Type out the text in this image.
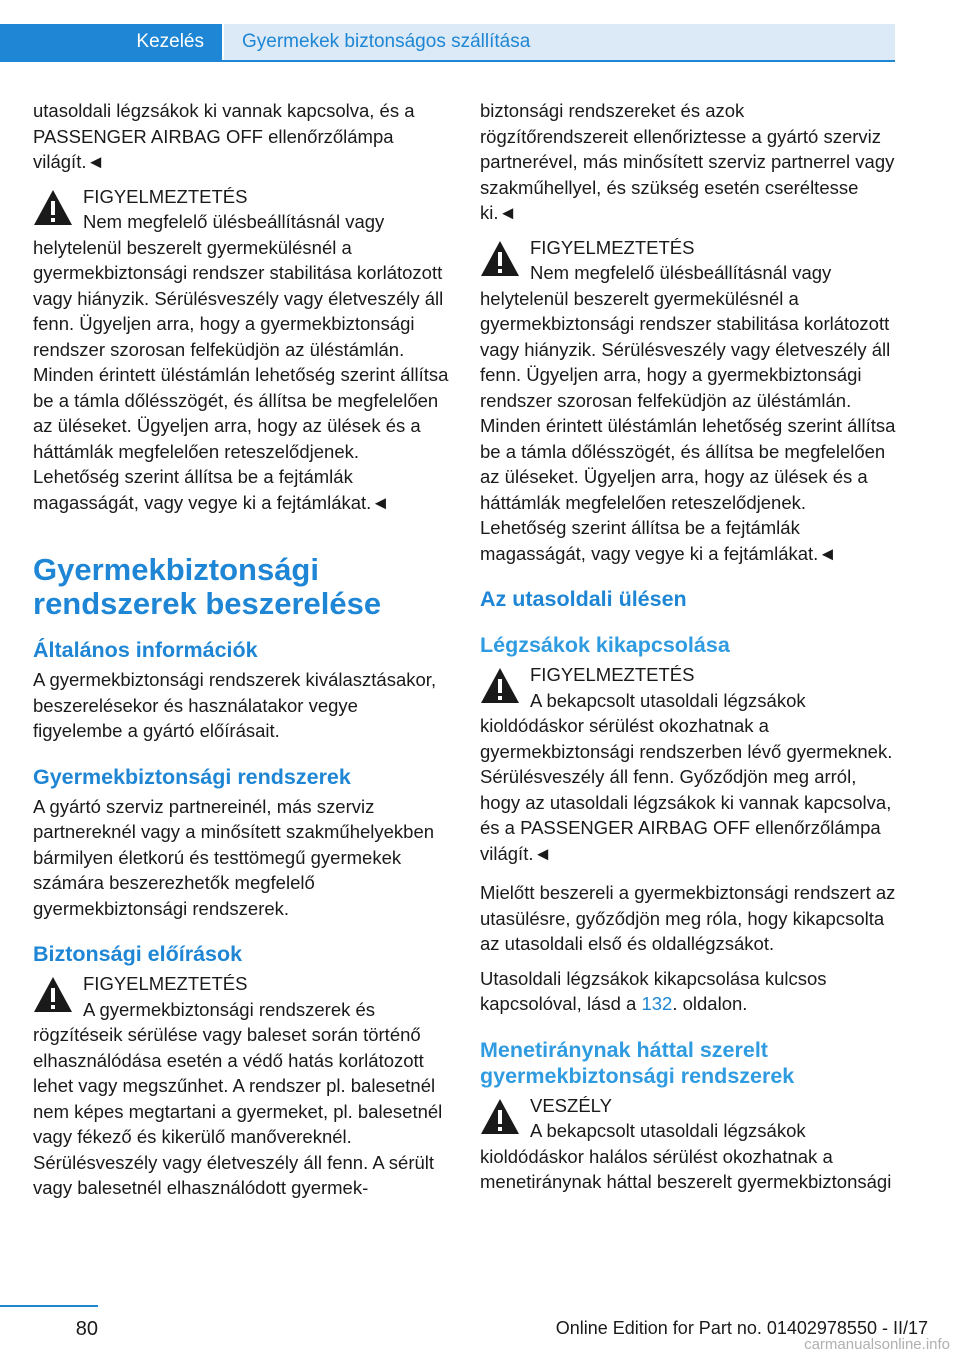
Kezelés	Gyermekek biztonságos szállítása

utasoldali légzsákok ki vannak kapcsolva, és a PASSENGER AIRBAG OFF ellenőrzőlámpa világít.◄

FIGYELMEZTETÉS
Nem megfelelő ülésbeállításnál vagy helytelenül beszerelt gyermekülésnél a gyermekbiztonsági rendszer stabilitása korlátozott vagy hiányzik. Sérülésveszély vagy életveszély áll fenn. Ügyeljen arra, hogy a gyermekbiztonsági rendszer szorosan felfeküdjön az üléstámlán. Minden érintett üléstámlán lehetőség szerint állítsa be a támla dőlésszögét, és állítsa be megfelelően az üléseket. Ügyeljen arra, hogy az ülések és a háttámlák megfelelően reteszelődjenek. Lehetőség szerint állítsa be a fejtámlák magasságát, vagy vegye ki a fejtámlákat.◄
Gyermekbiztonsági rendszerek beszerelése
Általános információk

A gyermekbiztonsági rendszerek kiválasztásakor, beszerelésekor és használatakor vegye figyelembe a gyártó előírásait.

Gyermekbiztonsági rendszerek

A gyártó szerviz partnereinél, más szerviz partnereknél vagy a minősített szakműhelyekben bármilyen életkorú és testtömegű gyermekek számára beszerezhetők megfelelő gyermekbiztonsági rendszerek.

Biztonsági előírások
FIGYELMEZTETÉS
A gyermekbiztonsági rendszerek és rögzítéseik sérülése vagy baleset során történő elhasználódása esetén a védő hatás korlátozott lehet vagy megszűnhet. A rendszer pl. balesetnél nem képes megtartani a gyermeket, pl. balesetnél vagy fékező és kikerülő manővereknél. Sérülésveszély vagy életveszély áll fenn. A sérült vagy balesetnél elhasználódott gyermek-

biztonsági rendszereket és azok rögzítőrendszereit ellenőriztesse a gyártó szerviz partnerével, más minősített szerviz partnerrel vagy szakműhellyel, és szükség esetén cseréltesse ki.◄

FIGYELMEZTETÉS
Nem megfelelő ülésbeállításnál vagy helytelenül beszerelt gyermekülésnél a gyermekbiztonsági rendszer stabilitása korlátozott vagy hiányzik. Sérülésveszély vagy életveszély áll fenn. Ügyeljen arra, hogy a gyermekbiztonsági rendszer szorosan felfeküdjön az üléstámlán. Minden érintett üléstámlán lehetőség szerint állítsa be a támla dőlésszögét, és állítsa be megfelelően az üléseket. Ügyeljen arra, hogy az ülések és a háttámlák megfelelően reteszelődjenek. Lehetőség szerint állítsa be a fejtámlák magasságát, vagy vegye ki a fejtámlákat.◄
Az utasoldali ülésen
Légzsákok kikapcsolása
FIGYELMEZTETÉS
A bekapcsolt utasoldali légzsákok kioldódáskor sérülést okozhatnak a gyermekbiztonsági rendszerben lévő gyermeknek. Sérülésveszély áll fenn. Győződjön meg arról, hogy az utasoldali légzsákok ki vannak kapcsolva, és a PASSENGER AIRBAG OFF ellenőrzőlámpa világít.◄

Mielőtt beszereli a gyermekbiztonsági rendszert az utasülésre, győződjön meg róla, hogy kikapcsolta az utasoldali első és oldallégzsákot.

Utasoldali légzsákok kikapcsolása kulcsos kapcsolóval, lásd a 132. oldalon.

Menetiránynak háttal szerelt gyermekbiztonsági rendszerek
VESZÉLY
A bekapcsolt utasoldali légzsákok kioldódáskor halálos sérülést okozhatnak a menetiránynak háttal beszerelt gyermekbiztonsági
80	Online Edition for Part no. 01402978550 - II/17
carmanualsonline.info
